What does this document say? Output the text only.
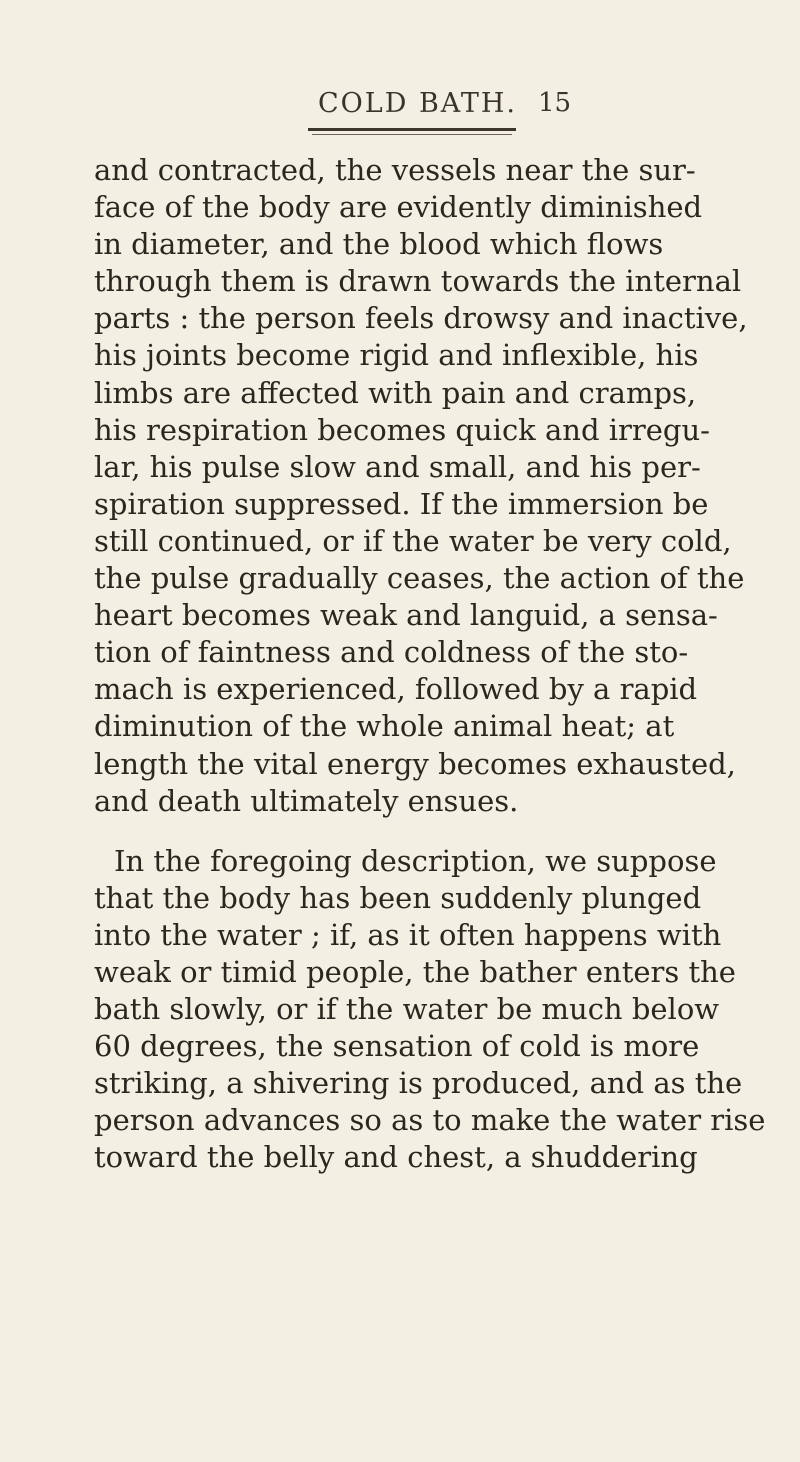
COLD BATH. 15
and contracted, the vessels near the sur-
face of the body are evidently diminished
in diameter, and the blood which flows
through them is drawn towards the internal
parts : the person feels drowsy and inactive,
his joints become rigid and inflexible, his
limbs are affected with pain and cramps,
his respiration becomes quick and irregu-
lar, his pulse slow and small, and his per-
spiration suppressed. If the immersion be
still continued, or if the water be very cold,
the pulse gradually ceases, the action of the
heart becomes weak and languid, a sensa-
tion of faintness and coldness of the sto-
mach is experienced, followed by a rapid
diminution of the whole animal heat; at
length the vital energy becomes exhausted,
and death ultimately ensues.
In the foregoing description, we suppose
that the body has been suddenly plunged
into the water ; if, as it often happens with
weak or timid people, the bather enters the
bath slowly, or if the water be much below
60 degrees, the sensation of cold is more
striking, a shivering is produced, and as the
person advances so as to make the water rise
toward the belly and chest, a shuddering
